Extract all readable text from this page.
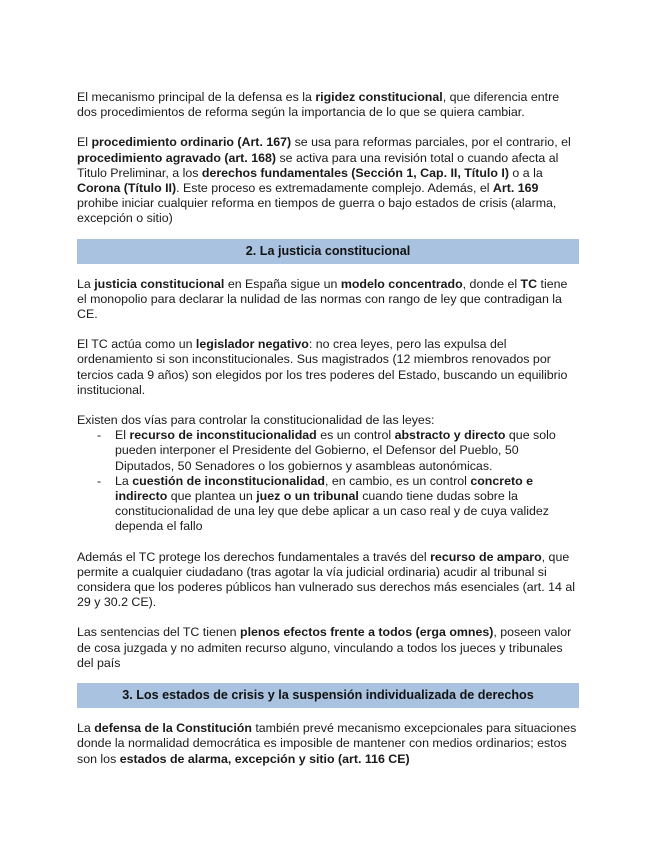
El mecanismo principal de la defensa es la rigidez constitucional, que diferencia entre dos procedimientos de reforma según la importancia de lo que se quiera cambiar.

El procedimiento ordinario (Art. 167) se usa para reformas parciales, por el contrario, el procedimiento agravado (art. 168) se activa para una revisión total o cuando afecta al Titulo Preliminar, a los derechos fundamentales (Sección 1, Cap. II, Título I) o a la Corona (Título II). Este proceso es extremadamente complejo. Además, el Art. 169 prohibe iniciar cualquier reforma en tiempos de guerra o bajo estados de crisis (alarma, excepción o sitio)

2. La justicia constitucional

La justicia constitucional en España sigue un modelo concentrado, donde el TC tiene el monopolio para declarar la nulidad de las normas con rango de ley que contradigan la CE.

El TC actúa como un legislador negativo: no crea leyes, pero las expulsa del ordenamiento si son inconstitucionales. Sus magistrados (12 miembros renovados por tercios cada 9 años) son elegidos por los tres poderes del Estado, buscando un equilibrio institucional.

Existen dos vías para controlar la constitucionalidad de las leyes:

- El recurso de inconstitucionalidad es un control abstracto y directo que solo pueden interponer el Presidente del Gobierno, el Defensor del Pueblo, 50 Diputados, 50 Senadores o los gobiernos y asambleas autonómicas.
- La cuestión de inconstitucionalidad, en cambio, es un control concreto e indirecto que plantea un juez o un tribunal cuando tiene dudas sobre la constitucionalidad de una ley que debe aplicar a un caso real y de cuya validez dependa el fallo

Además el TC protege los derechos fundamentales a través del recurso de amparo, que permite a cualquier ciudadano (tras agotar la vía judicial ordinaria) acudir al tribunal si considera que los poderes públicos han vulnerado sus derechos más esenciales (art. 14 al 29 y 30.2 CE).

Las sentencias del TC tienen plenos efectos frente a todos (erga omnes), poseen valor de cosa juzgada y no admiten recurso alguno, vinculando a todos los jueces y tribunales del país

3. Los estados de crisis y la suspensión individualizada de derechos

La defensa de la Constitución también prevé mecanismo excepcionales para situaciones donde la normalidad democrática es imposible de mantener con medios ordinarios; estos son los estados de alarma, excepción y sitio (art. 116 CE)
